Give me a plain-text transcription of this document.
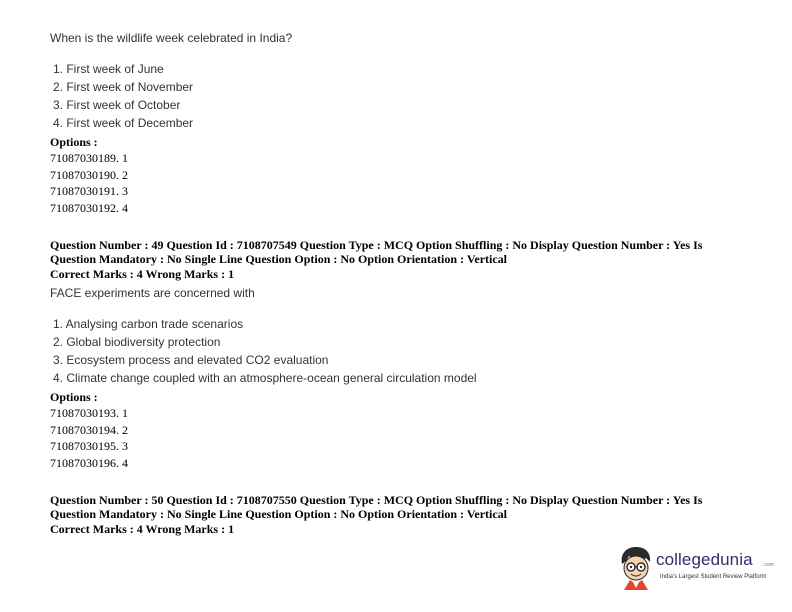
When is the wildlife week celebrated in India?
1. First week of June
2. First week of November
3. First week of October
4. First week of December
Options :
71087030189. 1
71087030190. 2
71087030191. 3
71087030192. 4
Question Number : 49 Question Id : 7108707549 Question Type : MCQ Option Shuffling : No Display Question Number : Yes Is
Question Mandatory : No Single Line Question Option : No Option Orientation : Vertical
Correct Marks : 4 Wrong Marks : 1
FACE experiments are concerned with
1. Analysing carbon trade scenarios
2. Global biodiversity protection
3. Ecosystem process and elevated CO2 evaluation
4. Climate change coupled with an atmosphere-ocean general circulation model
Options :
71087030193. 1
71087030194. 2
71087030195. 3
71087030196. 4
Question Number : 50 Question Id : 7108707550 Question Type : MCQ Option Shuffling : No Display Question Number : Yes Is
Question Mandatory : No Single Line Question Option : No Option Orientation : Vertical
Correct Marks : 4 Wrong Marks : 1
collegedunia .com
India's Largest Student Review Platform
